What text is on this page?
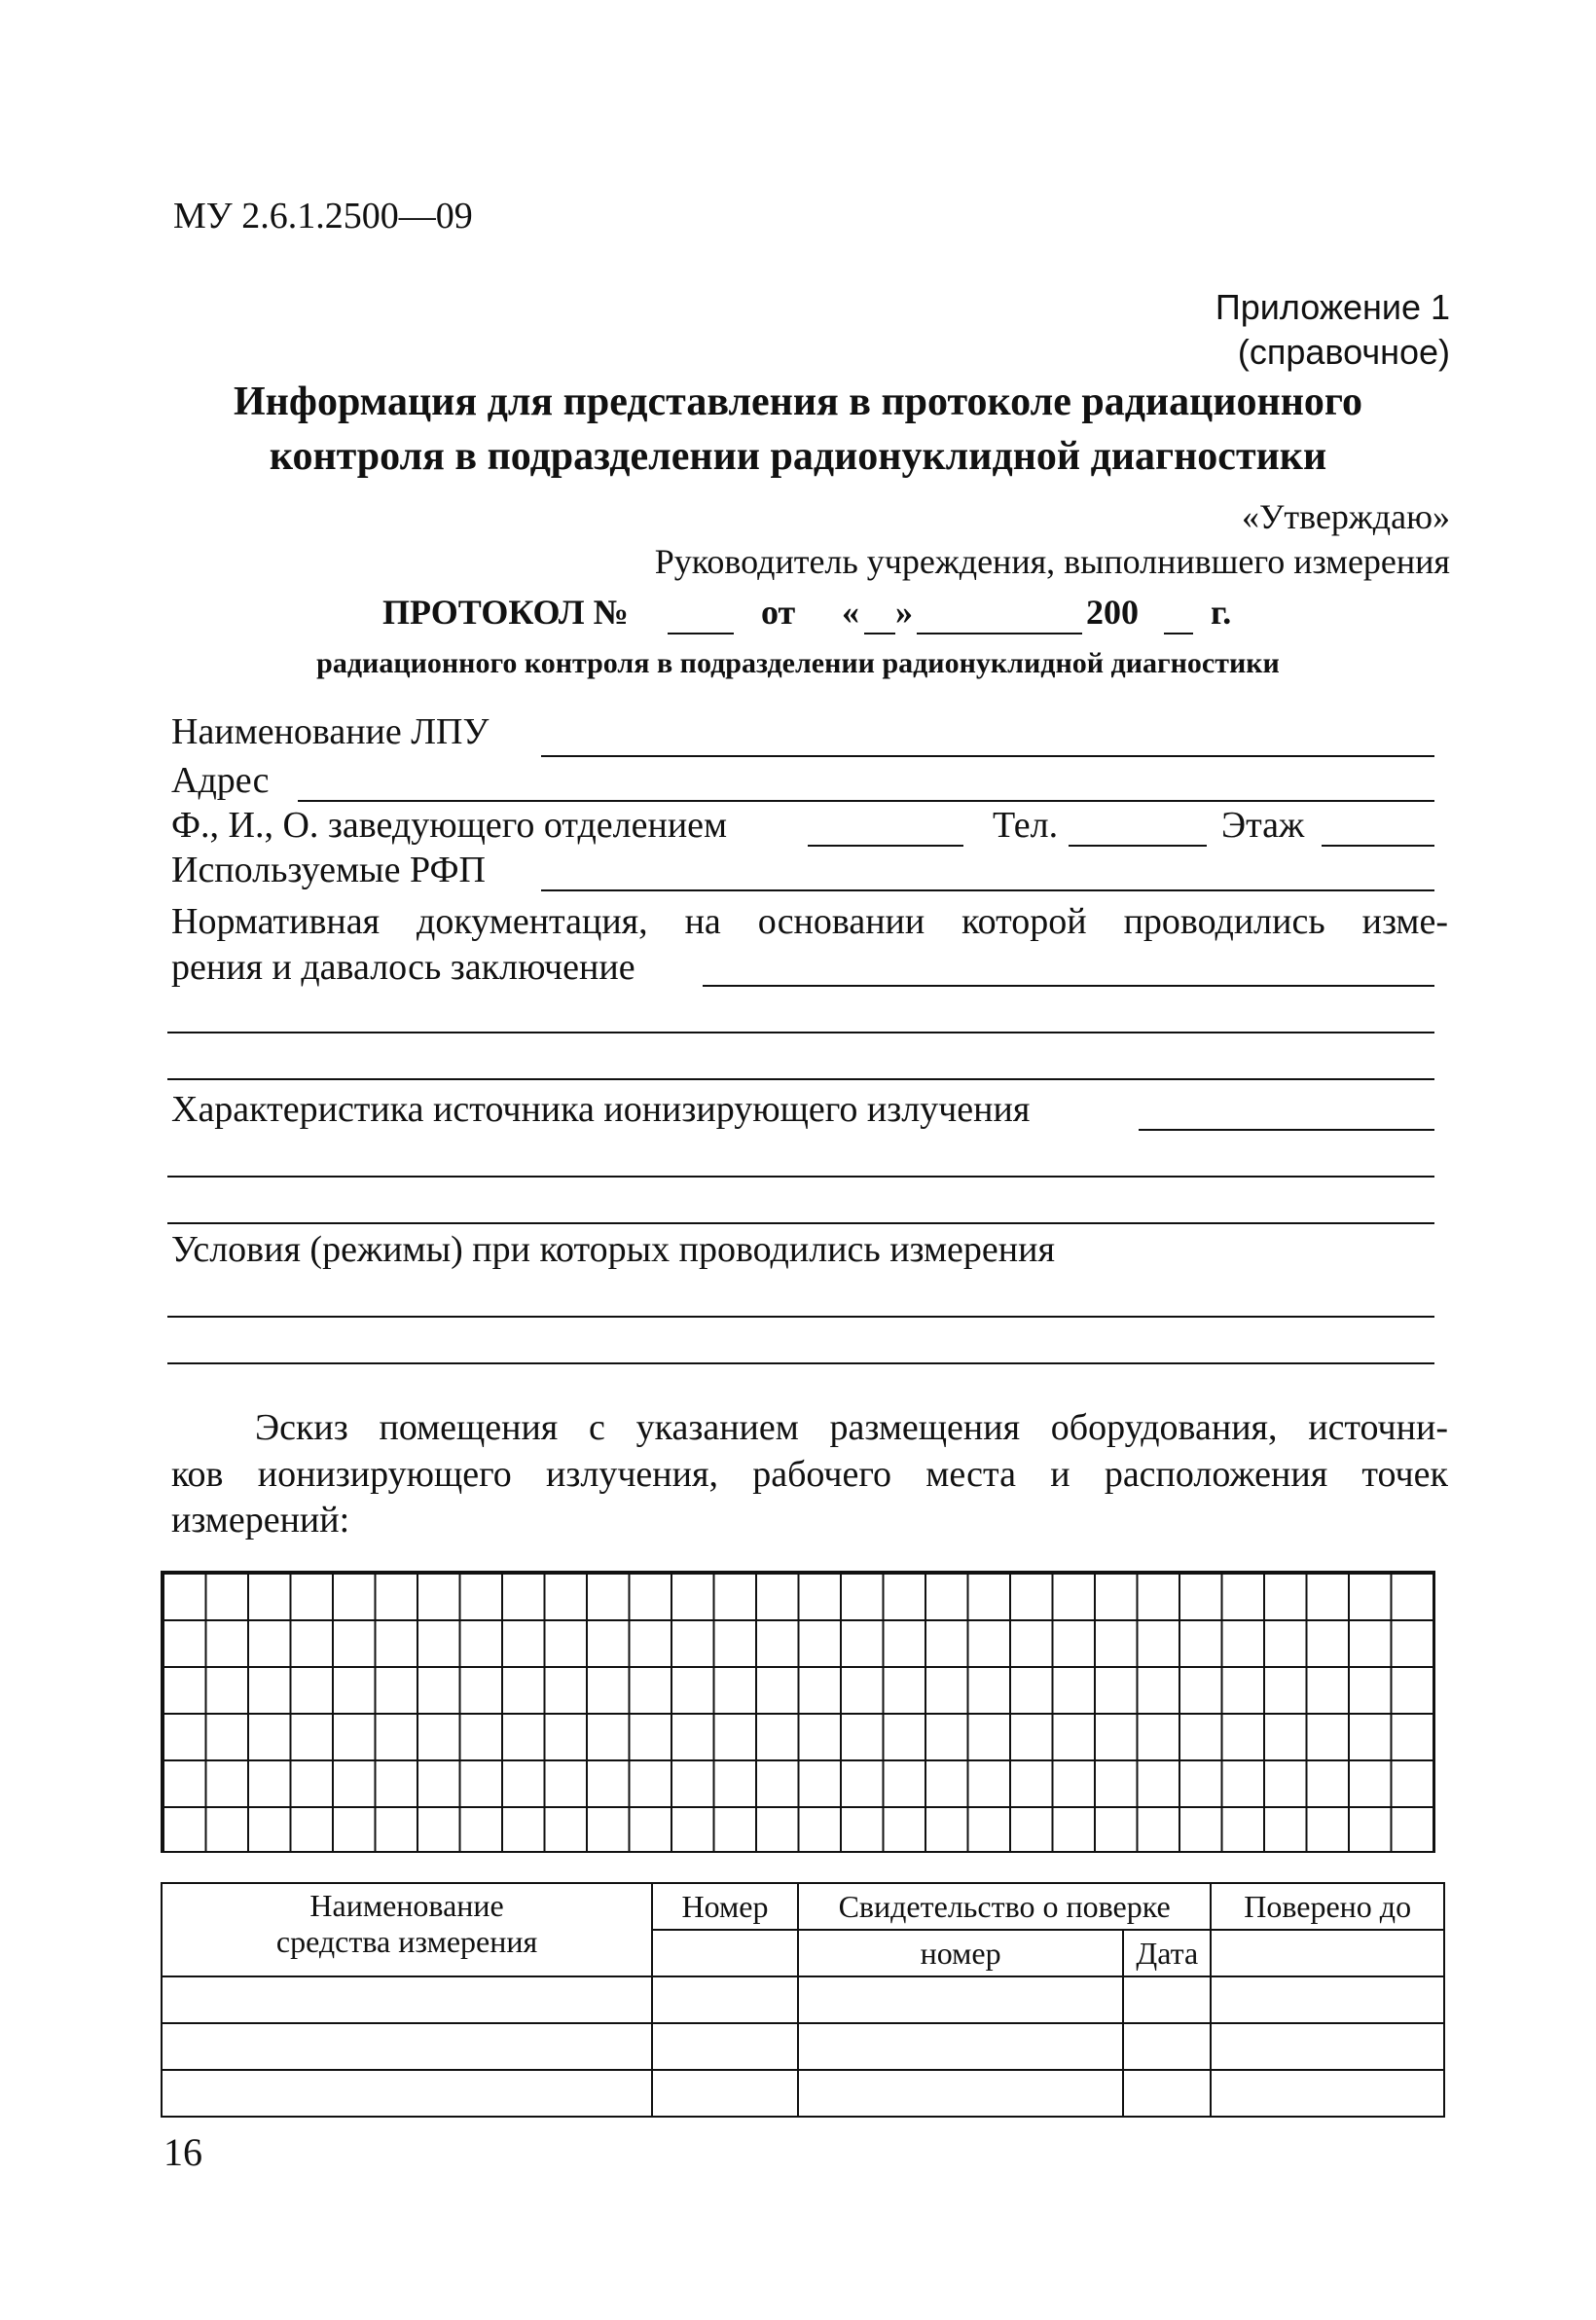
МУ 2.6.1.2500—09
Приложение 1
(справочное)
Информация для представления в протоколе радиационного
контроля в подразделении радионуклидной диагностики
«Утверждаю»
Руководитель учреждения, выполнившего измерения
ПРОТОКОЛ №	от « »	200 г.
радиационного контроля в подразделении радионуклидной диагностики
Наименование ЛПУ
Адрес
Ф., И., О. заведующего отделением	Тел.	Этаж
Используемые РФП
Нормативная документация, на основании которой проводились изме-
рения и давалось заключение
Характеристика источника ионизирующего излучения
Условия (режимы) при которых проводились измерения
Эскиз помещения с указанием размещения оборудования, источни-
ков ионизирующего излучения, рабочего места и расположения точек
измерений:
Наименование
средства измерения	Номер	Свидетельство о поверке		Поверено до
		номер	Дата	

16
